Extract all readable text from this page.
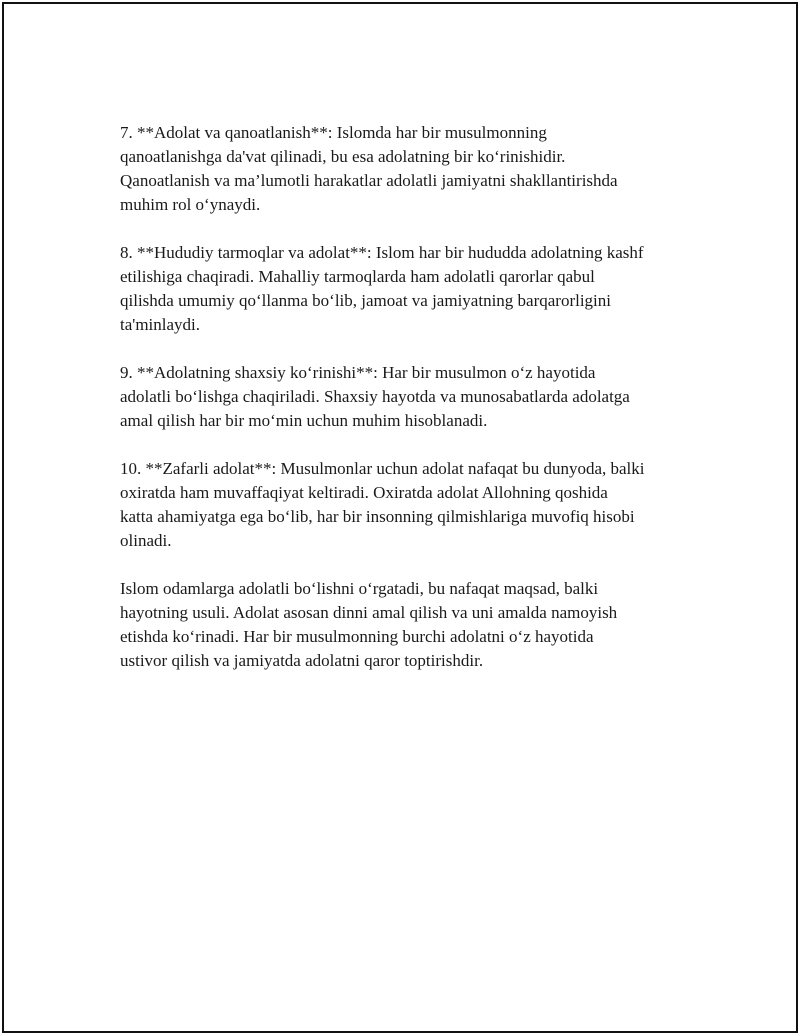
7. **Adolat va qanoatlanish**: Islomda har bir musulmonning
qanoatlanishga da'vat qilinadi, bu esa adolatning bir ko‘rinishidir.
Qanoatlanish va ma’lumotli harakatlar adolatli jamiyatni shakllantirishda
muhim rol o‘ynaydi.

8. **Hududiy tarmoqlar va adolat**: Islom har bir hududda adolatning kashf
etilishiga chaqiradi. Mahalliy tarmoqlarda ham adolatli qarorlar qabul
qilishda umumiy qo‘llanma bo‘lib, jamoat va jamiyatning barqarorligini
ta'minlaydi.

9. **Adolatning shaxsiy ko‘rinishi**: Har bir musulmon o‘z hayotida
adolatli bo‘lishga chaqiriladi. Shaxsiy hayotda va munosabatlarda adolatga
amal qilish har bir mo‘min uchun muhim hisoblanadi.

10. **Zafarli adolat**: Musulmonlar uchun adolat nafaqat bu dunyoda, balki
oxiratda ham muvaffaqiyat keltiradi. Oxiratda adolat Allohning qoshida
katta ahamiyatga ega bo‘lib, har bir insonning qilmishlariga muvofiq hisobi
olinadi.

Islom odamlarga adolatli bo‘lishni o‘rgatadi, bu nafaqat maqsad, balki
hayotning usuli. Adolat asosan dinni amal qilish va uni amalda namoyish
etishda ko‘rinadi. Har bir musulmonning burchi adolatni o‘z hayotida
ustivor qilish va jamiyatda adolatni qaror toptirishdir.
